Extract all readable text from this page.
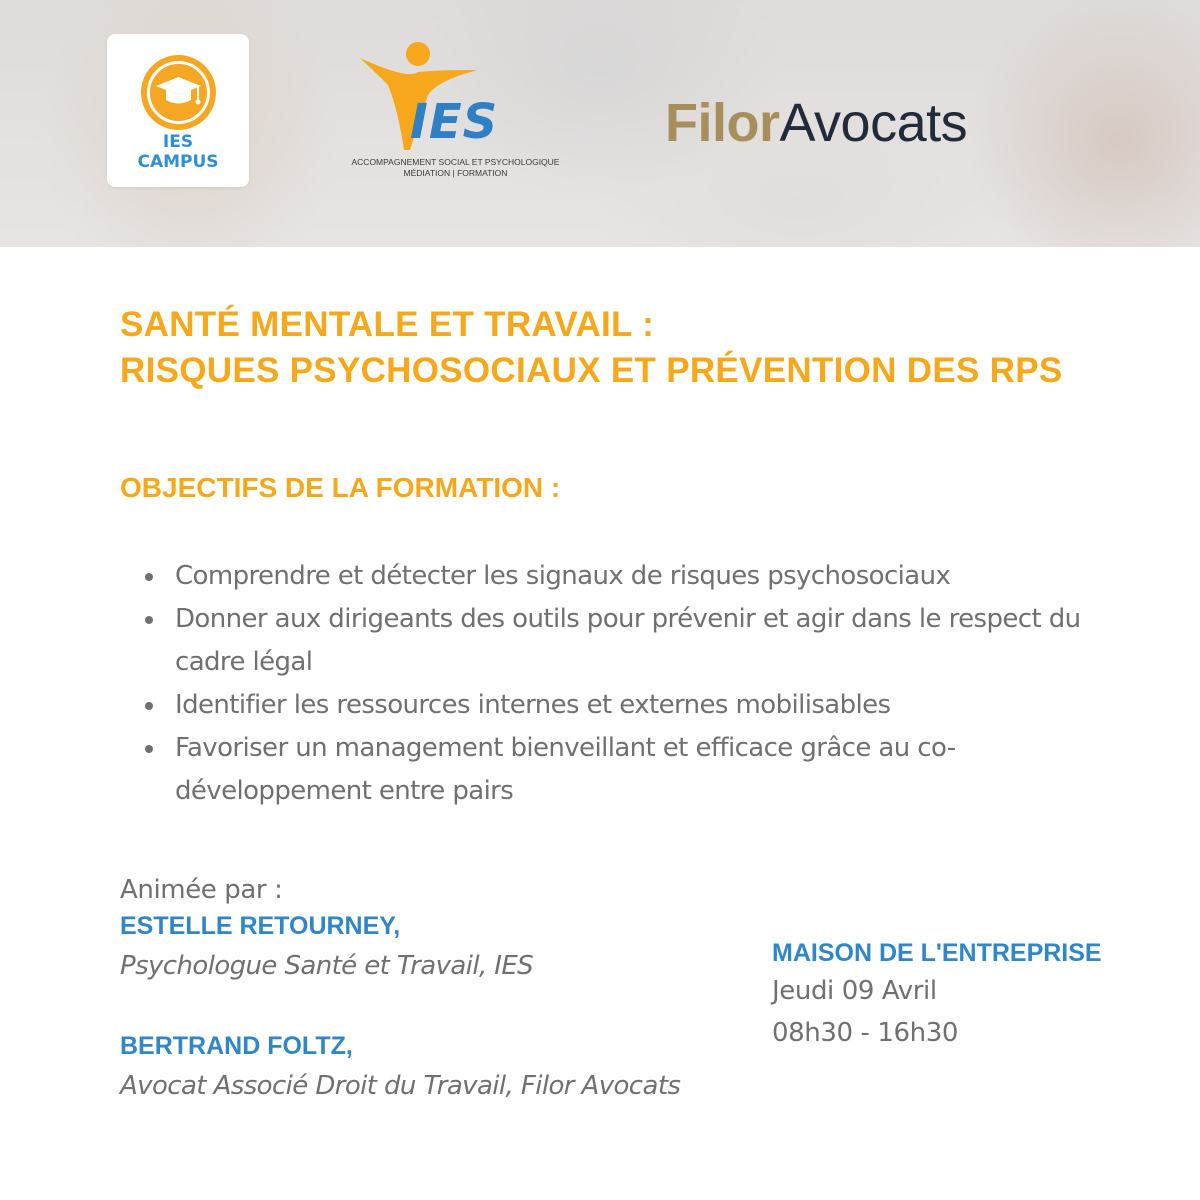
IES
CAMPUS
IES
ACCOMPAGNEMENT SOCIAL ET PSYCHOLOGIQUE
MÉDIATION | FORMATION
FilorAvocats
SANTÉ MENTALE ET TRAVAIL :
RISQUES PSYCHOSOCIAUX ET PRÉVENTION DES RPS
OBJECTIFS DE LA FORMATION :
Comprendre et détecter les signaux de risques psychosociaux
Donner aux dirigeants des outils pour prévenir et agir dans le respect du cadre légal
Identifier les ressources internes et externes mobilisables
Favoriser un management bienveillant et efficace grâce au co-développement entre pairs
Animée par :
ESTELLE RETOURNEY,
Psychologue Santé et Travail, IES
BERTRAND FOLTZ,
Avocat Associé Droit du Travail, Filor Avocats
MAISON DE L'ENTREPRISE
Jeudi 09 Avril
08h30 - 16h30
